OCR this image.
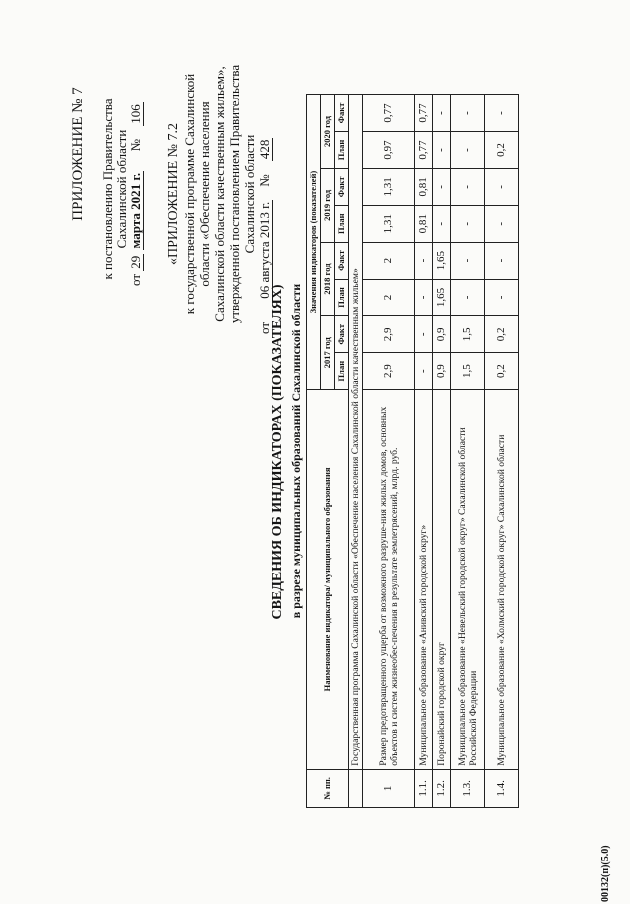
ПРИЛОЖЕНИЕ № 7 к постановлению Правительства Сахалинской области
от 29 марта 2021 г.      № 106
«ПРИЛОЖЕНИЕ № 7.2 к государственной программе Сахалинской области «Обеспечение населения Сахалинской области качественным жильем», утвержденной постановлением Правительства Сахалинской области
от 06 августа 2013 г.    № 428
СВЕДЕНИЯ ОБ ИНДИКАТОРАХ (ПОКАЗАТЕЛЯХ) в разрезе муниципальных образований Сахалинской области									
№ пп.	Наименование индикатора/ муниципального образования	Значения индикаторов (показателей)							
		2017 год		2018 год		2019 год		2020 год	
		План	Факт	План	Факт	План	Факт	План	Факт
	Государственная программа Сахалинской области «Обеспечение населения Сахалинской области качественным жильем»								
1	Размер предотвращенного ущерба от возможного разруше-ния жилых домов, основных объектов и систем жизнеобес-печения в результате землетрясений, млрд. руб.	2,9	2,9	2	2	1,31	1,31	0,97	0,77
1.1.	Муниципальное образование «Анивский городской округ»	-	-	-	-	0,81	0,81	0,77	0,77
1.2.	Поронайский городской округ	0,9	0,9	1,65	1,65	-	-	-	-
1.3.	Муниципальное образование «Невельский городской округ» Сахалинской области Российской Федерации	1,5	1,5	-	-	-	-	-	-
1.4.	Муниципальное образование «Холмский городской округ» Сахалинской области	0,2	0,2	-	-	-	-	0,2	-
00132(п)(5.0)
